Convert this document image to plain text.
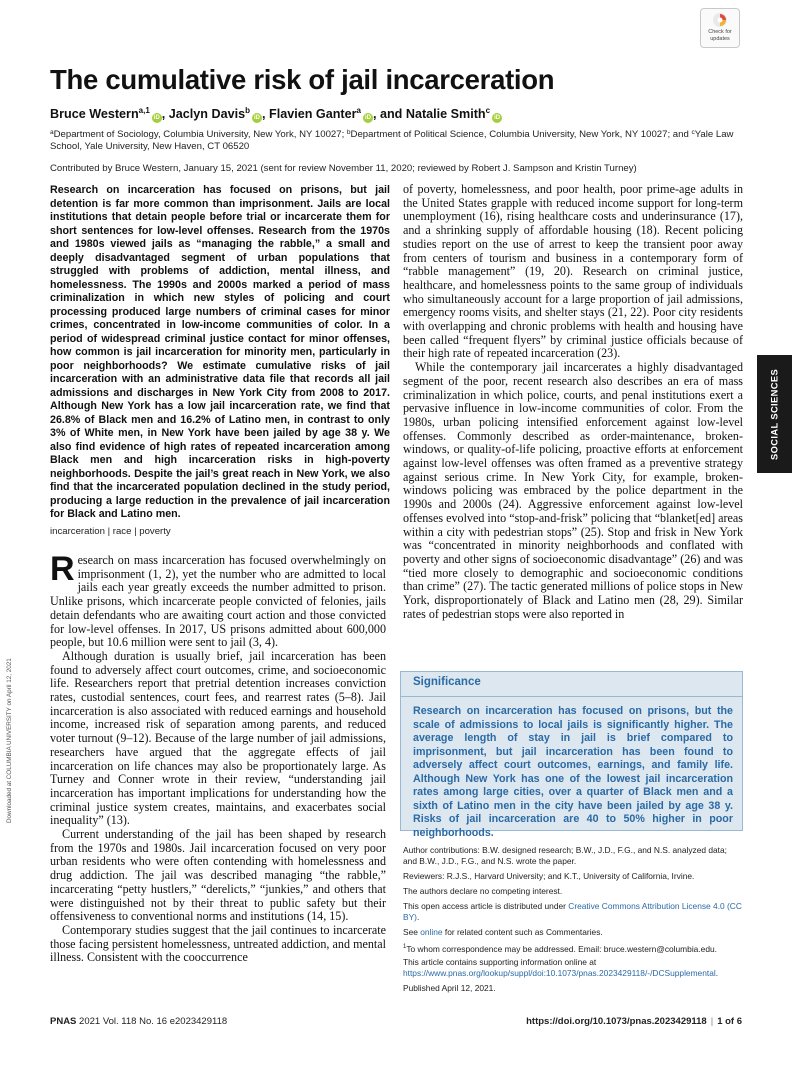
Check for
updates
The cumulative risk of jail incarceration
Bruce Western$^{a,1}$iD , Jaclyn Davis$^b$iD , Flavien Ganter$^a$iD , and Natalie Smith$^c$iD
$^a$Department of Sociology, Columbia University, New York, NY 10027; $^b$Department of Political Science, Columbia University, New York, NY 10027; and $^c$Yale Law School, Yale University, New Haven, CT 06520
Contributed by Bruce Western, January 15, 2021 (sent for review November 11, 2020; reviewed by Robert J. Sampson and Kristin Turney)
Research on incarceration has focused on prisons, but jail detention is far more common than imprisonment. Jails are local institutions that detain people before trial or incarcerate them for short sentences for low-level offenses. Research from the 1970s and 1980s viewed jails as “managing the rabble,” a small and deeply disadvantaged segment of urban populations that struggled with problems of addiction, mental illness, and homelessness. The 1990s and 2000s marked a period of mass criminalization in which new styles of policing and court processing produced large numbers of criminal cases for minor crimes, concentrated in low-income communities of color. In a period of widespread criminal justice contact for minor offenses, how common is jail incarceration for minority men, particularly in poor neighborhoods? We estimate cumulative risks of jail incarceration with an administrative data file that records all jail admissions and discharges in New York City from 2008 to 2017. Although New York has a low jail incarceration rate, we find that 26.8% of Black men and 16.2% of Latino men, in contrast to only 3% of White men, in New York have been jailed by age 38 y. We also find evidence of high rates of repeated incarceration among Black men and high incarceration risks in high-poverty neighborhoods. Despite the jail’s great reach in New York, we also find that the incarcerated population declined in the study period, producing a large reduction in the prevalence of jail incarceration for Black and Latino men.
incarceration | race | poverty

Research on mass incarceration has focused overwhelmingly on imprisonment (1, 2), yet the number who are admitted to local jails each year greatly exceeds the number admitted to prison. Unlike prisons, which incarcerate people convicted of felonies, jails detain defendants who are awaiting court action and those convicted for low-level offenses. In 2017, US prisons admitted about 600,000 people, but 10.6 million were sent to jail (3, 4).

Although duration is usually brief, jail incarceration has been found to adversely affect court outcomes, crime, and socioeconomic life. Researchers report that pretrial detention increases conviction rates, custodial sentences, court fees, and rearrest rates (5–8). Jail incarceration is also associated with reduced earnings and household income, increased risk of separation among parents, and reduced voter turnout (9–12). Because of the large number of jail admissions, researchers have argued that the aggregate effects of jail incarceration on life chances may also be proportionately large. As Turney and Conner wrote in their review, “understanding jail incarceration has important implications for understanding how the criminal justice system creates, maintains, and exacerbates social inequality” (13).

Current understanding of the jail has been shaped by research from the 1970s and 1980s. Jail incarceration focused on very poor urban residents who were often contending with homelessness and drug addiction. The jail was described managing “the rabble,” incarcerating “petty hustlers,” “derelicts,” “junkies,” and others that were distinguished not by their threat to public safety but their offensiveness to conventional norms and institutions (14, 15).

Contemporary studies suggest that the jail continues to incarcerate those facing persistent homelessness, untreated addiction, and mental illness. Consistent with the cooccurrence

of poverty, homelessness, and poor health, poor prime-age adults in the United States grapple with reduced income support for long-term unemployment (16), rising healthcare costs and underinsurance (17), and a shrinking supply of affordable housing (18). Recent policing studies report on the use of arrest to keep the transient poor away from centers of tourism and business in a contemporary form of “rabble management” (19, 20). Research on criminal justice, healthcare, and homelessness points to the same group of individuals who simultaneously account for a large proportion of jail admissions, emergency rooms visits, and shelter stays (21, 22). Poor city residents with overlapping and chronic problems with health and housing have been called “frequent flyers” by criminal justice officials because of their high rate of repeated incarceration (23).

While the contemporary jail incarcerates a highly disadvantaged segment of the poor, recent research also describes an era of mass criminalization in which police, courts, and penal institutions exert a pervasive influence in low-income communities of color. From the 1980s, urban policing intensified enforcement against low-level offenses. Commonly described as order-maintenance, broken-windows, or quality-of-life policing, proactive efforts at enforcement against low-level offenses was often framed as a preventive strategy against serious crime. In New York City, for example, broken-windows policing was embraced by the police department in the 1990s and 2000s (24). Aggressive enforcement against low-level offenses evolved into “stop-and-frisk” policing that “blanket[ed] areas within a city with pedestrian stops” (25). Stop and frisk in New York was “concentrated in minority neighborhoods and conflated with poverty and other signs of socioeconomic disadvantage” (26) and was “tied more closely to demographic and socioeconomic conditions than crime” (27). The tactic generated millions of police stops in New York, disproportionately of Black and Latino men (28, 29). Similar rates of pedestrian stops were also reported in

Significance
Research on incarceration has focused on prisons, but the scale of admissions to local jails is significantly higher. The average length of stay in jail is brief compared to imprisonment, but jail incarceration has been found to adversely affect court outcomes, earnings, and family life. Although New York has one of the lowest jail incarceration rates among large cities, over a quarter of Black men and a sixth of Latino men in the city have been jailed by age 38 y. Risks of jail incarceration are 40 to 50% higher in poor neighborhoods.
Author contributions: B.W. designed research; B.W., J.D., F.G., and N.S. analyzed data; and B.W., J.D., F.G., and N.S. wrote the paper.
Reviewers: R.J.S., Harvard University; and K.T., University of California, Irvine.
The authors declare no competing interest.
This open access article is distributed under Creative Commons Attribution License 4.0 (CC BY).
See online for related content such as Commentaries.
$^1$To whom correspondence may be addressed. Email: bruce.western@columbia.edu.
This article contains supporting information online at https://www.pnas.org/lookup/suppl/doi:10.1073/pnas.2023429118/-/DCSupplemental.
Published April 12, 2021.
SOCIAL SCIENCES
Downloaded at COLUMBIA UNIVERSITY on April 12, 2021
PNAS 2021 Vol. 118 No. 16 e2023429118	https://doi.org/10.1073/pnas.2023429118 | 1 of 6
